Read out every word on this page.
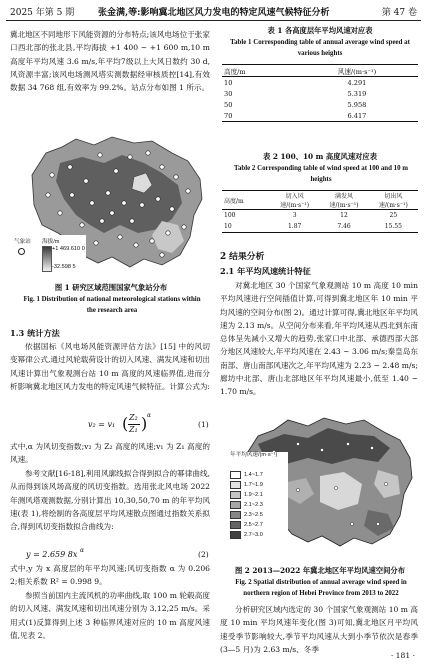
2025 年第 5 期	张金满,等:影响冀北地区风力发电的特定风速气候特征分析	第 47 卷
冀北地区不同地形下风能资源的分布特点;该风电场位于张家口西北部的张北县,平均海拔 +1 400 ~ +1 600 m,10 m 高度年平均风速 3.6 m/s,年平均7级以上大风日数约 30 d,风资源丰富;该风电场测风塔实测数据经审核质控[14],有效数据 34 768 组,有效率为 99.2%。站点分布如图 1 所示。
气象站 海拔/m
+1 469.610 0
-32.598 5
图 1 研究区域范围国家气象站分布
Fig. 1 Distribution of national meteorological stations within the research area
1.3 统计方法
依据国标《风电场风能资源评估方法》[15] 中的风切变幂律公式,通过风轮载荷设计的切入风速、满发风速和切出风速计算出气象观测台站 10 m 高度的风速临界值,进而分析影响冀北地区风力发电的特定风速气候特征。计算公式为:
v₂ = v₁ ( Z₂
Z₁ ) α
(1)
式中,α 为风切变指数;v₂ 为 Z₂ 高度的风速;v₁ 为 Z₁ 高度的风速。
参考文献[16-18],利用风廓线拟合得到拟合的幂律曲线,从而得到该风场高度的风切变指数。选用张北风电场 2022 年测风塔观测数据,分别计算出 10,30,50,70 m 的年平均风速(表 1),将绘制的各高度层平均风速散点图通过指数关系拟合,得到风切变指数拟合曲线为:
y = 2.659 8x α	(2)
式中,y 为 x 高度层的年平均风速;风切变指数 α 为 0.206 2;相关系数 R² = 0.998 9。
参照当前国内主流风机的功率曲线,取 100 m 轮毂高度的切入风速、满发风速和切出风速分别为 3,12,25 m/s。采用式(1)反算得到上述 3 种临界风速对应的 10 m 高度风速值,见表 2。
表 1 各高度层年平均风速对应表
Table 1 Corresponding table of annual average wind speed at various heights
高度/m	风速/(m·s⁻¹)
10	4.291
30	5.319
50	5.958
70	6.417
表 2 100、10 m 高度风速对应表
Table 2 Corresponding table of wind speed at 100 and 10 m heights
高度/m	切入风速/(m·s⁻¹)	满发风速/(m·s⁻¹)	切出风速/(m·s⁻¹)
100	3	12	25
10	1.87	7.46	15.55
2 结果分析
2.1 年平均风速统计特征
对冀北地区 30 个国家气象观测站 10 m 高度 10 min 平均风速进行空间插值计算,可得到冀北地区年 10 min 平均风速的空间分布(图 2)。通过计算可得,冀北地区年平均风速为 2.13 m/s。从空间分布来看,年平均风速从西北到东南总体呈先减小又增大的趋势,张家口中北部、承德西部大部分地区风速较大,年平均风速在 2.43 ~ 3.06 m/s;秦皇岛东南部、唐山南部风速次之,年平均风速为 2.23 ~ 2.48 m/s;廊坊中北部、唐山北部地区年平均风速最小,低至 1.40 ~ 1.70 m/s。
年平均风速/(m·s⁻¹)
1.4~1.7
1.7~1.9
1.9~2.1
2.1~2.3
2.3~2.5
2.5~2.7
2.7~3.0
图 2 2013—2022 年冀北地区年平均风速空间分布
Fig. 2 Spatial distribution of annual average wind speed in northern region of Hebei Province from 2013 to 2022
分析研究区域内选定的 30 个国家气象观测站 10 m 高度 10 min 平均风速年变化(图 3)可知,冀北地区月平均风速受季节影响较大,季节平均风速从大到小季节依次是春季(3—5 月)为 2.63 m/s、冬季
· 181 ·
